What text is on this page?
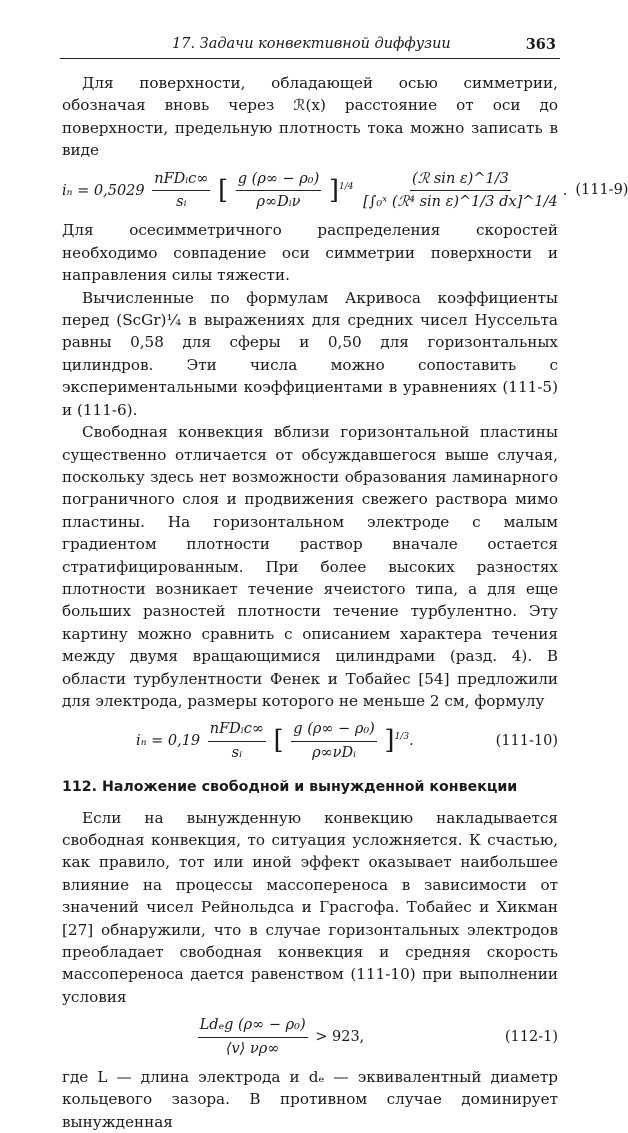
17. Задачи конвективной диффузии	363

Для поверхности, обладающей осью симметрии, обозначая вновь через ℛ(x) расстояние от оси до поверхности, предельную плотность тока можно записать в виде

$i_n = 0,5029 \frac{\text{nFDᵢc∞}}{\text{sᵢ}}$ [ $\frac{\text{g (ρ∞ − ρ₀)}}{\text{ρ∞Dᵢν}} ]^{1/4} \frac{\text{(ℛ sin ε)\textasciicircum{}1/3}}{\text{[∫₀ˣ (ℛ⁴ sin ε)\textasciicircum{}1/3 dx]\textasciicircum{}1/4}}$ . (111-9)

Для осесимметричного распределения скоростей необходимо совпадение оси симметрии поверхности и направления силы тяжести.

Вычисленные по формулам Акривоса коэффициенты перед (ScGr)¼ в выражениях для средних чисел Нуссельта равны 0,58 для сферы и 0,50 для горизонтальных цилиндров. Эти числа можно сопоставить с экспериментальными коэффициентами в уравнениях (111-5) и (111-6).

Свободная конвекция вблизи горизонтальной пластины существенно отличается от обсуждавшегося выше случая, поскольку здесь нет возможности образования ламинарного пограничного слоя и продвижения свежего раствора мимо пластины. На горизонтальном электроде с малым градиентом плотности раствор вначале остается стратифицированным. При более высоких разностях плотности возникает течение ячеистого типа, а для еще больших разностей плотности течение турбулентно. Эту картину можно сравнить с описанием характера течения между двумя вращающимися цилиндрами (разд. 4). В области турбулентности Фенек и Тобайес [54] предложили для электрода, размеры которого не меньше 2 см, формулу

$i_n = 0,19 \frac{\text{nFDᵢc∞}}{\text{sᵢ}}$ [ $\frac{\text{g (ρ∞ − ρ₀)}}{\text{ρ∞νDᵢ}} ]^{1/3}$.	(111-10)
112. Наложение свободной и вынужденной конвекции

Если на вынужденную конвекцию накладывается свободная конвекция, то ситуация усложняется. К счастью, как правило, тот или иной эффект оказывает наибольшее влияние на процессы массопереноса в зависимости от значений чисел Рейнольдса и Грасгофа. Тобайес и Хикман [27] обнаружили, что в случае горизонтальных электродов преобладает свободная конвекция и средняя скорость массопереноса дается равенством (111-10) при выполнении условия

$\frac{\text{Ldₑg (ρ∞ − ρ₀)}}{⟨v⟩ \nu\rho\infty} > 923$,	(112-1)

где L — длина электрода и dₑ — эквивалентный диаметр кольцевого зазора. В противном случае доминирует вынужденная
